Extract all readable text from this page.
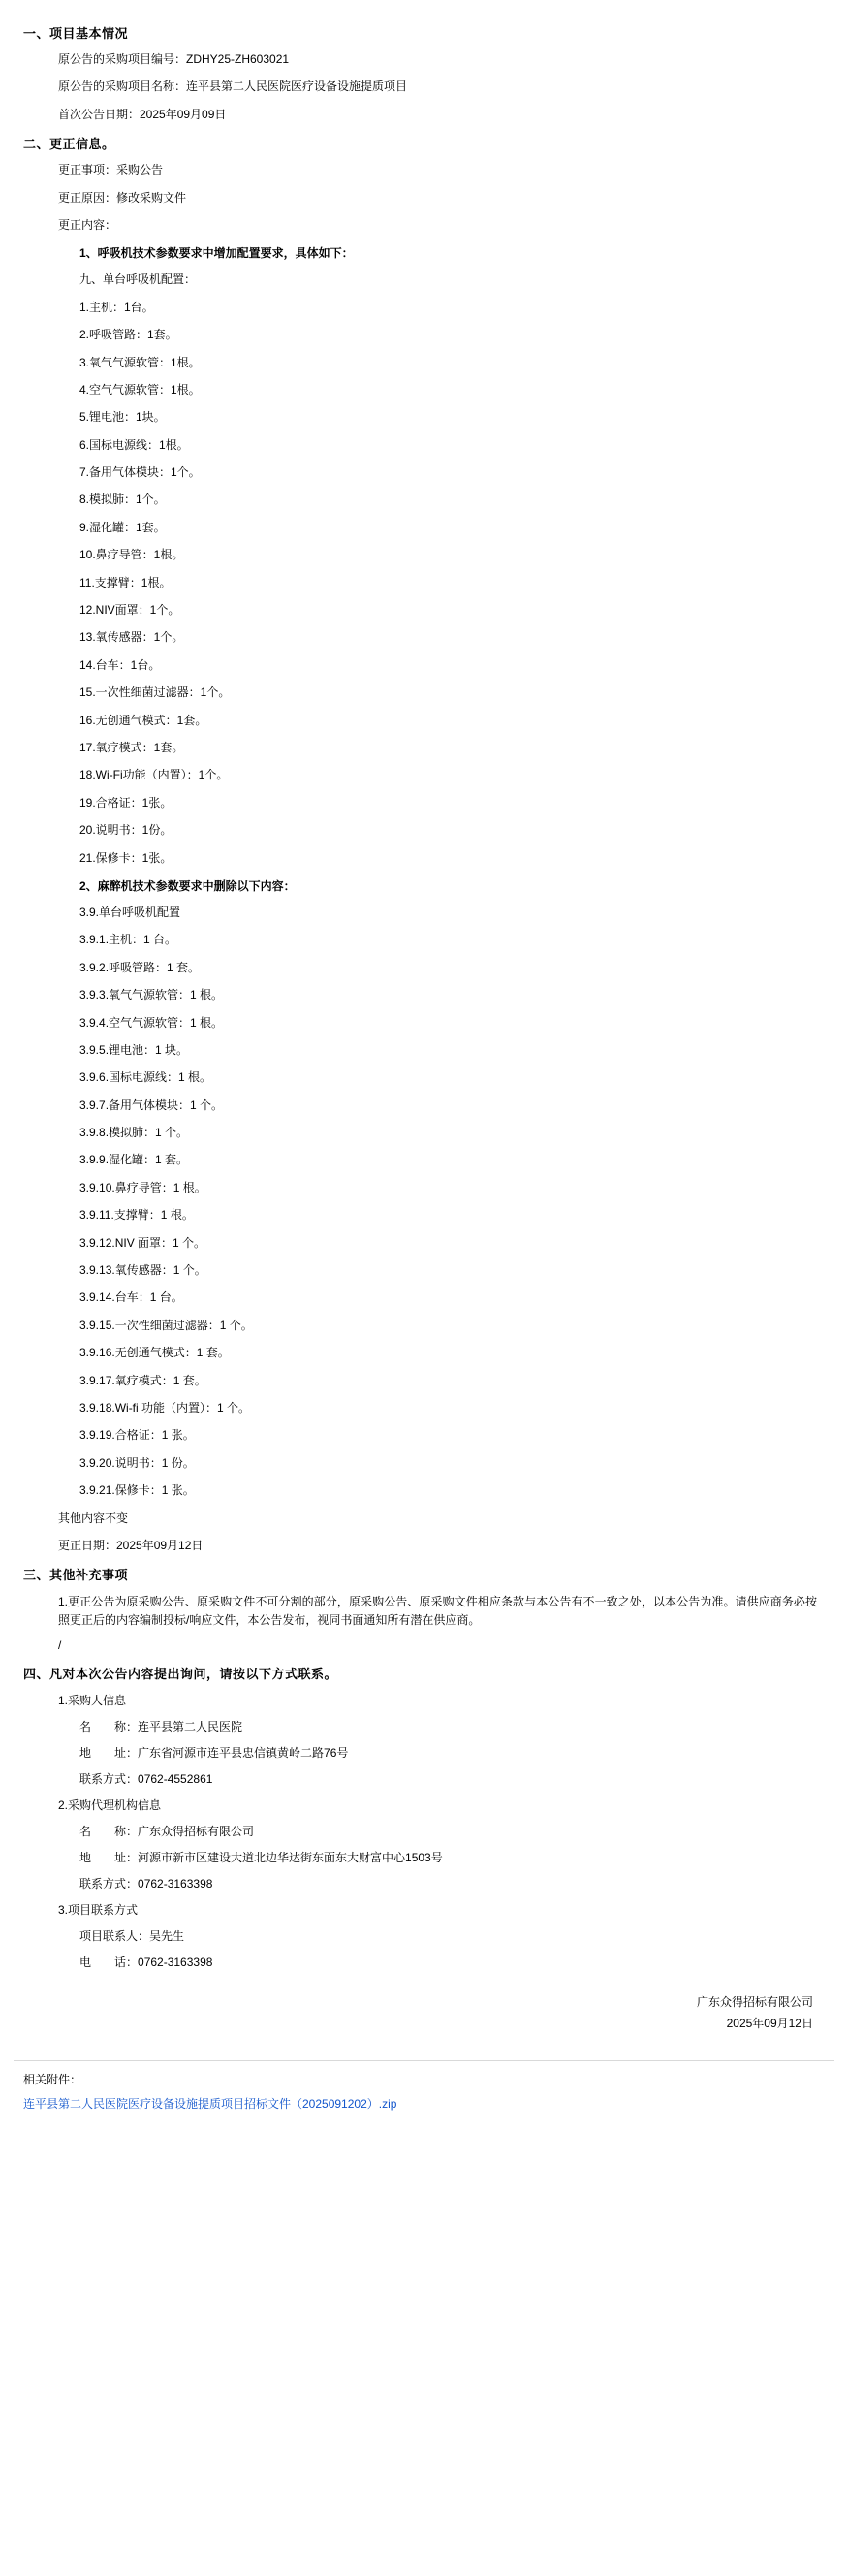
一、项目基本情况
原公告的采购项目编号：ZDHY25-ZH603021
原公告的采购项目名称：连平县第二人民医院医疗设备设施提质项目
首次公告日期：2025年09月09日
二、更正信息。
更正事项：采购公告
更正原因：修改采购文件
更正内容：
1、呼吸机技术参数要求中增加配置要求，具体如下：
九、单台呼吸机配置：
1.主机：1台。
2.呼吸管路：1套。
3.氧气气源软管：1根。
4.空气气源软管：1根。
5.锂电池：1块。
6.国标电源线：1根。
7.备用气体模块：1个。
8.模拟肺：1个。
9.湿化罐：1套。
10.鼻疗导管：1根。
11.支撑臂：1根。
12.NIV面罩：1个。
13.氧传感器：1个。
14.台车：1台。
15.一次性细菌过滤器：1个。
16.无创通气模式：1套。
17.氧疗模式：1套。
18.Wi-Fi功能（内置）：1个。
19.合格证：1张。
20.说明书：1份。
21.保修卡：1张。
2、麻醉机技术参数要求中删除以下内容：
3.9.单台呼吸机配置
3.9.1.主机：1 台。
3.9.2.呼吸管路：1 套。
3.9.3.氧气气源软管：1 根。
3.9.4.空气气源软管：1 根。
3.9.5.锂电池：1 块。
3.9.6.国标电源线：1 根。
3.9.7.备用气体模块：1 个。
3.9.8.模拟肺：1 个。
3.9.9.湿化罐：1 套。
3.9.10.鼻疗导管：1 根。
3.9.11.支撑臂：1 根。
3.9.12.NIV 面罩：1 个。
3.9.13.氧传感器：1 个。
3.9.14.台车：1 台。
3.9.15.一次性细菌过滤器：1 个。
3.9.16.无创通气模式：1 套。
3.9.17.氧疗模式：1 套。
3.9.18.Wi-fi 功能（内置）：1 个。
3.9.19.合格证：1 张。
3.9.20.说明书：1 份。
3.9.21.保修卡：1 张。
其他内容不变
更正日期：2025年09月12日
三、其他补充事项
1.更正公告为原采购公告、原采购文件不可分割的部分，原采购公告、原采购文件相应条款与本公告有不一致之处，以本公告为准。请供应商务必按照更正后的内容编制投标/响应文件，本公告发布，视同书面通知所有潜在供应商。
/
四、凡对本次公告内容提出询问，请按以下方式联系。
1.采购人信息
名　　称：连平县第二人民医院
地　　址：广东省河源市连平县忠信镇黄岭二路76号
联系方式：0762-4552861
2.采购代理机构信息
名　　称：广东众得招标有限公司
地　　址：河源市新市区建设大道北边华达街东面东大财富中心1503号
联系方式：0762-3163398
3.项目联系方式
项目联系人：吴先生
电　　话：0762-3163398
广东众得招标有限公司
2025年09月12日
相关附件：
连平县第二人民医院医疗设备设施提质项目招标文件（2025091202）.zip
